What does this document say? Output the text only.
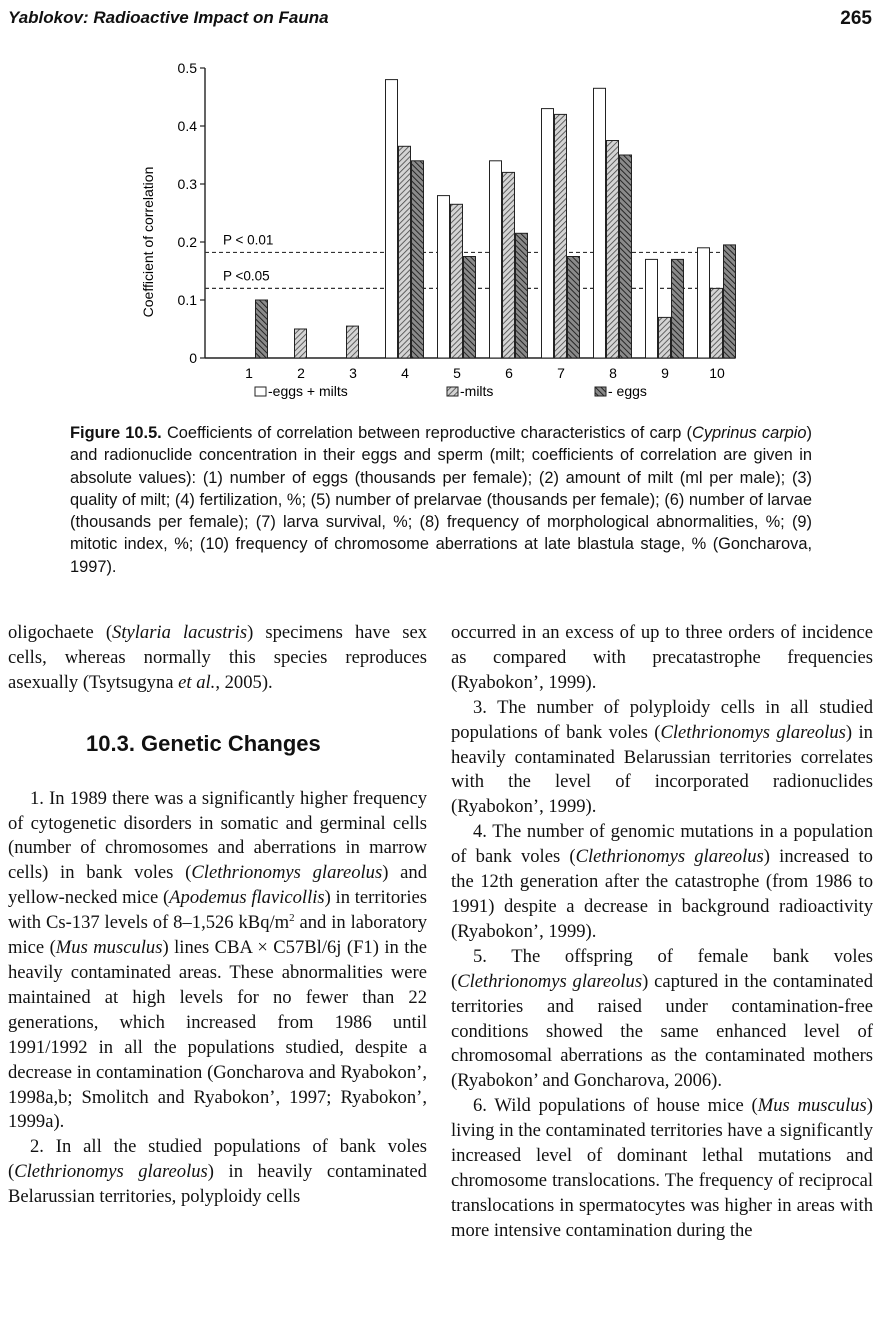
Yablokov: Radioactive Impact on Fauna	265
0
0.1
0.2
0.3
0.4
0.5
P < 0.01
P <0.05
1	2	3	4	5	6	7	8	9	10
-eggs + milts	-milts	- eggs
Coefficient of correlation
Figure 10.5. Coefficients of correlation between reproductive characteristics of carp (Cyprinus carpio) and radionuclide concentration in their eggs and sperm (milt; coefficients of correlation are given in absolute values): (1) number of eggs (thousands per female); (2) amount of milt (ml per male); (3) quality of milt; (4) fertilization, %; (5) number of prelarvae (thousands per female); (6) number of larvae (thousands per female); (7) larva survival, %; (8) frequency of morphological abnormalities, %; (9) mitotic index, %; (10) frequency of chromosome aberrations at late blastula stage, % (Goncharova, 1997).

oligochaete (Stylaria lacustris) specimens have sex cells, whereas normally this species reproduces asexually (Tsytsugyna et al., 2005).

10.3. Genetic Changes

1. In 1989 there was a significantly higher frequency of cytogenetic disorders in somatic and germinal cells (number of chromosomes and aberrations in marrow cells) in bank voles (Clethrionomys glareolus) and yellow-necked mice (Apodemus flavicollis) in territories with Cs-137 levels of 8–1,526 kBq/$m^2$ and in laboratory mice (Mus musculus) lines CBA × C57Bl/6j (F1) in the heavily contaminated areas. These abnormalities were maintained at high levels for no fewer than 22 generations, which increased from 1986 until 1991/1992 in all the populations studied, despite a decrease in contamination (Goncharova and Ryabokon’, 1998a,b; Smolitch and Ryabokon’, 1997; Ryabokon’, 1999a).

2. In all the studied populations of bank voles (Clethrionomys glareolus) in heavily contaminated Belarussian territories, polyploidy cells

occurred in an excess of up to three orders of incidence as compared with precatastrophe frequencies (Ryabokon’, 1999).

3. The number of polyploidy cells in all studied populations of bank voles (Clethrionomys glareolus) in heavily contaminated Belarussian territories correlates with the level of incorporated radionuclides (Ryabokon’, 1999).

4. The number of genomic mutations in a population of bank voles (Clethrionomys glareolus) increased to the 12th generation after the catastrophe (from 1986 to 1991) despite a decrease in background radioactivity (Ryabokon’, 1999).

5. The offspring of female bank voles (Clethrionomys glareolus) captured in the contaminated territories and raised under contamination-free conditions showed the same enhanced level of chromosomal aberrations as the contaminated mothers (Ryabokon’ and Goncharova, 2006).

6. Wild populations of house mice (Mus musculus) living in the contaminated territories have a significantly increased level of dominant lethal mutations and chromosome translocations. The frequency of reciprocal translocations in spermatocytes was higher in areas with more intensive contamination during the
